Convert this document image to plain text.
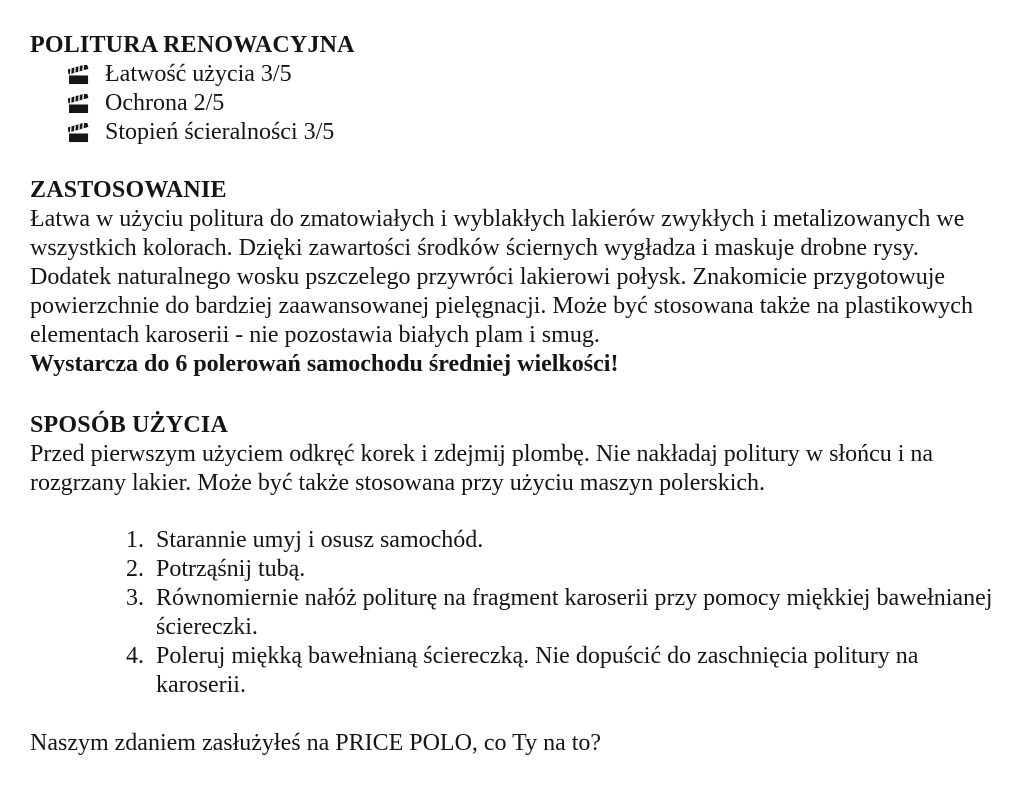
POLITURA RENOWACYJNA
Łatwość użycia 3/5
Ochrona 2/5
Stopień ścieralności 3/5
ZASTOSOWANIE

Łatwa w użyciu politura do zmatowiałych i wyblakłych lakierów zwykłych i metalizowanych we wszystkich kolorach. Dzięki zawartości środków ściernych wygładza i maskuje drobne rysy. Dodatek naturalnego wosku pszczelego przywróci lakierowi połysk. Znakomicie przygotowuje powierzchnie do bardziej zaawansowanej pielęgnacji. Może być stosowana także na plastikowych elementach karoserii - nie pozostawia białych plam i smug.

Wystarcza do 6 polerowań samochodu średniej wielkości!

SPOSÓB UŻYCIA

Przed pierwszym użyciem odkręć korek i zdejmij plombę. Nie nakładaj politury w słońcu i na rozgrzany lakier. Może być także stosowana przy użyciu maszyn polerskich.

1. Starannie umyj i osusz samochód.
2. Potrząśnij tubą.
3. Równomiernie nałóż politurę na fragment karoserii przy pomocy miękkiej bawełnianej ściereczki.
4. Poleruj miękką bawełnianą ściereczką. Nie dopuścić do zaschnięcia politury na karoserii.

Naszym zdaniem zasłużyłeś na PRICE POLO, co Ty na to?
